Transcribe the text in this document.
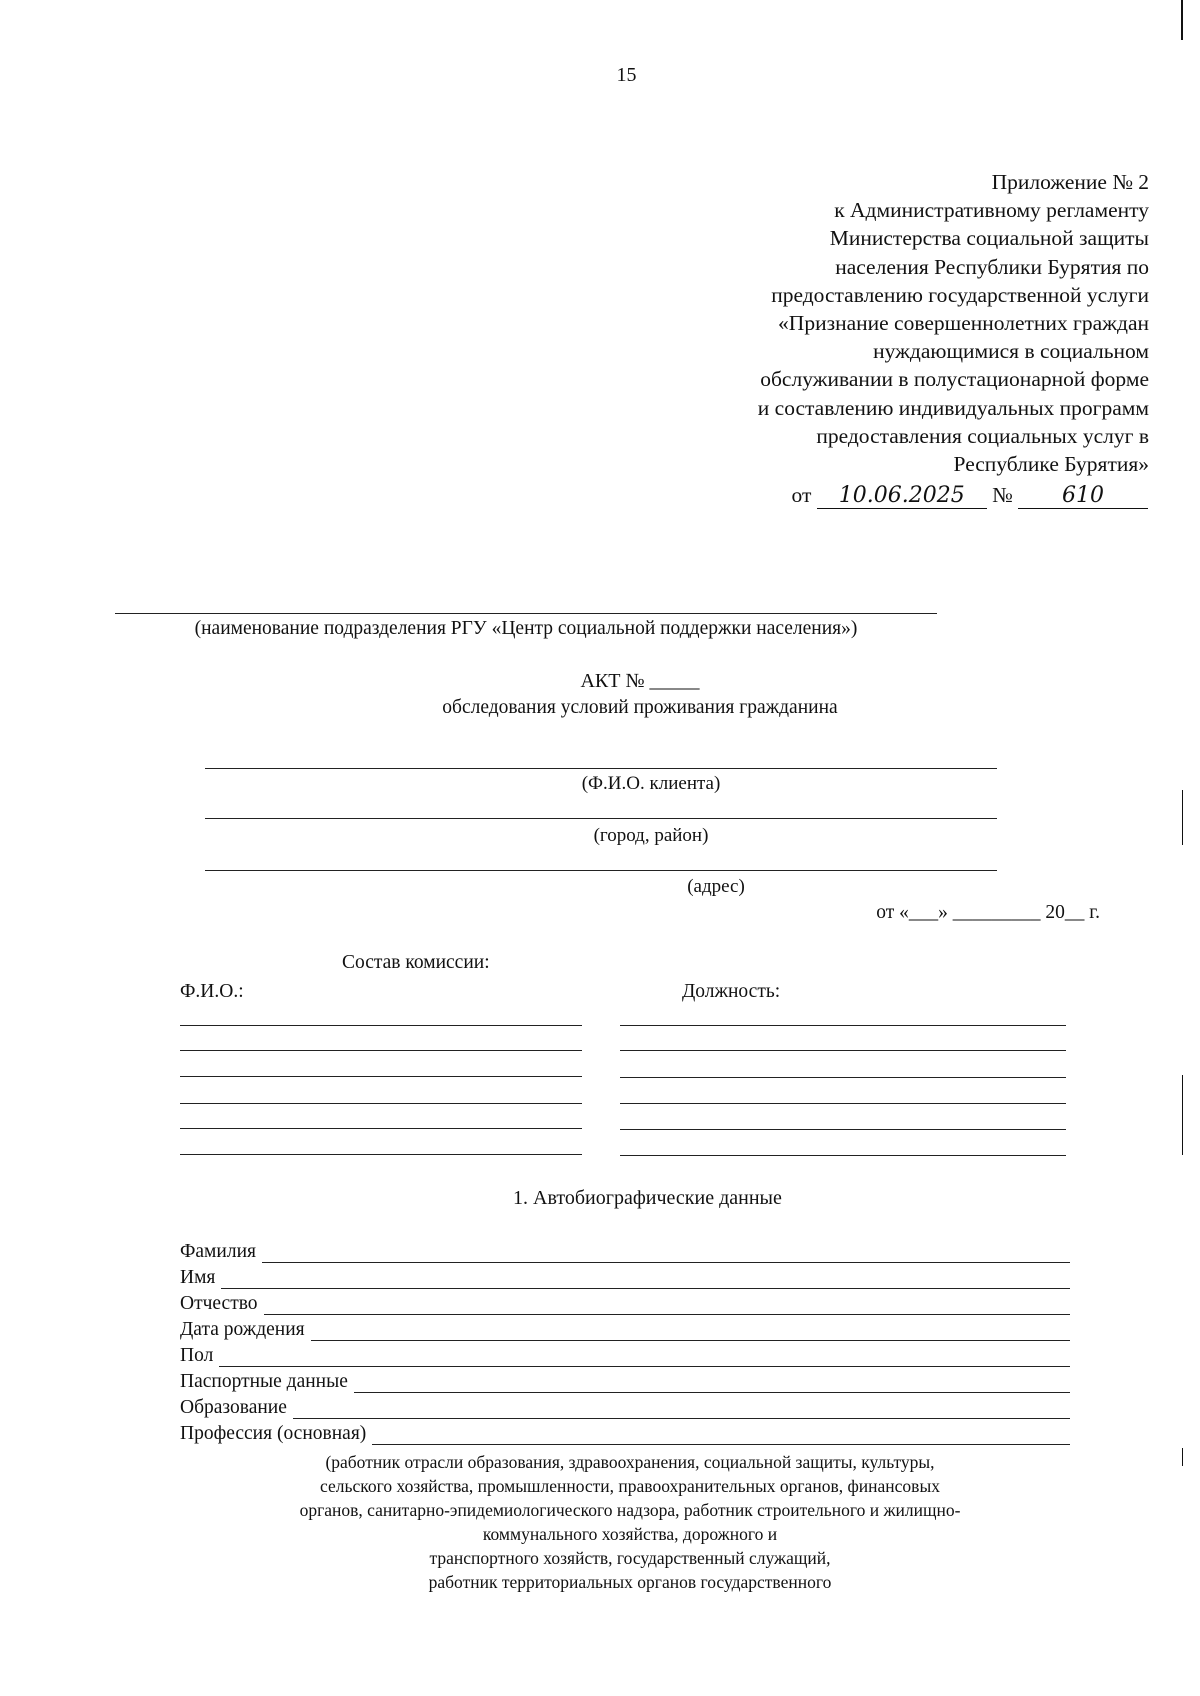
15
Приложение № 2
к Административному регламенту
Министерства социальной защиты
населения Республики Бурятия по
предоставлению государственной услуги
«Признание совершеннолетних граждан
нуждающимися в социальном
обслуживании в полустационарной форме
и составлению индивидуальных программ
предоставления социальных услуг в
Республике Бурятия»
от 10.06.2025 № 610
(наименование подразделения РГУ «Центр социальной поддержки населения»)
АКТ № _____
обследования условий проживания гражданина
(Ф.И.О. клиента)
(город, район)
(адрес)
от «___» _________ 20__ г.
Состав комиссии:
Ф.И.О.:	Должность:
1. Автобиографические данные
Фамилия
Имя
Отчество
Дата рождения
Пол
Паспортные данные
Образование
Профессия (основная)
(работник отрасли образования, здравоохранения, социальной защиты, культуры,
сельского хозяйства, промышленности, правоохранительных органов, финансовых
органов, санитарно-эпидемиологического надзора, работник строительного и жилищно-
коммунального хозяйства, дорожного и
транспортного хозяйств, государственный служащий,
работник территориальных органов государственного
